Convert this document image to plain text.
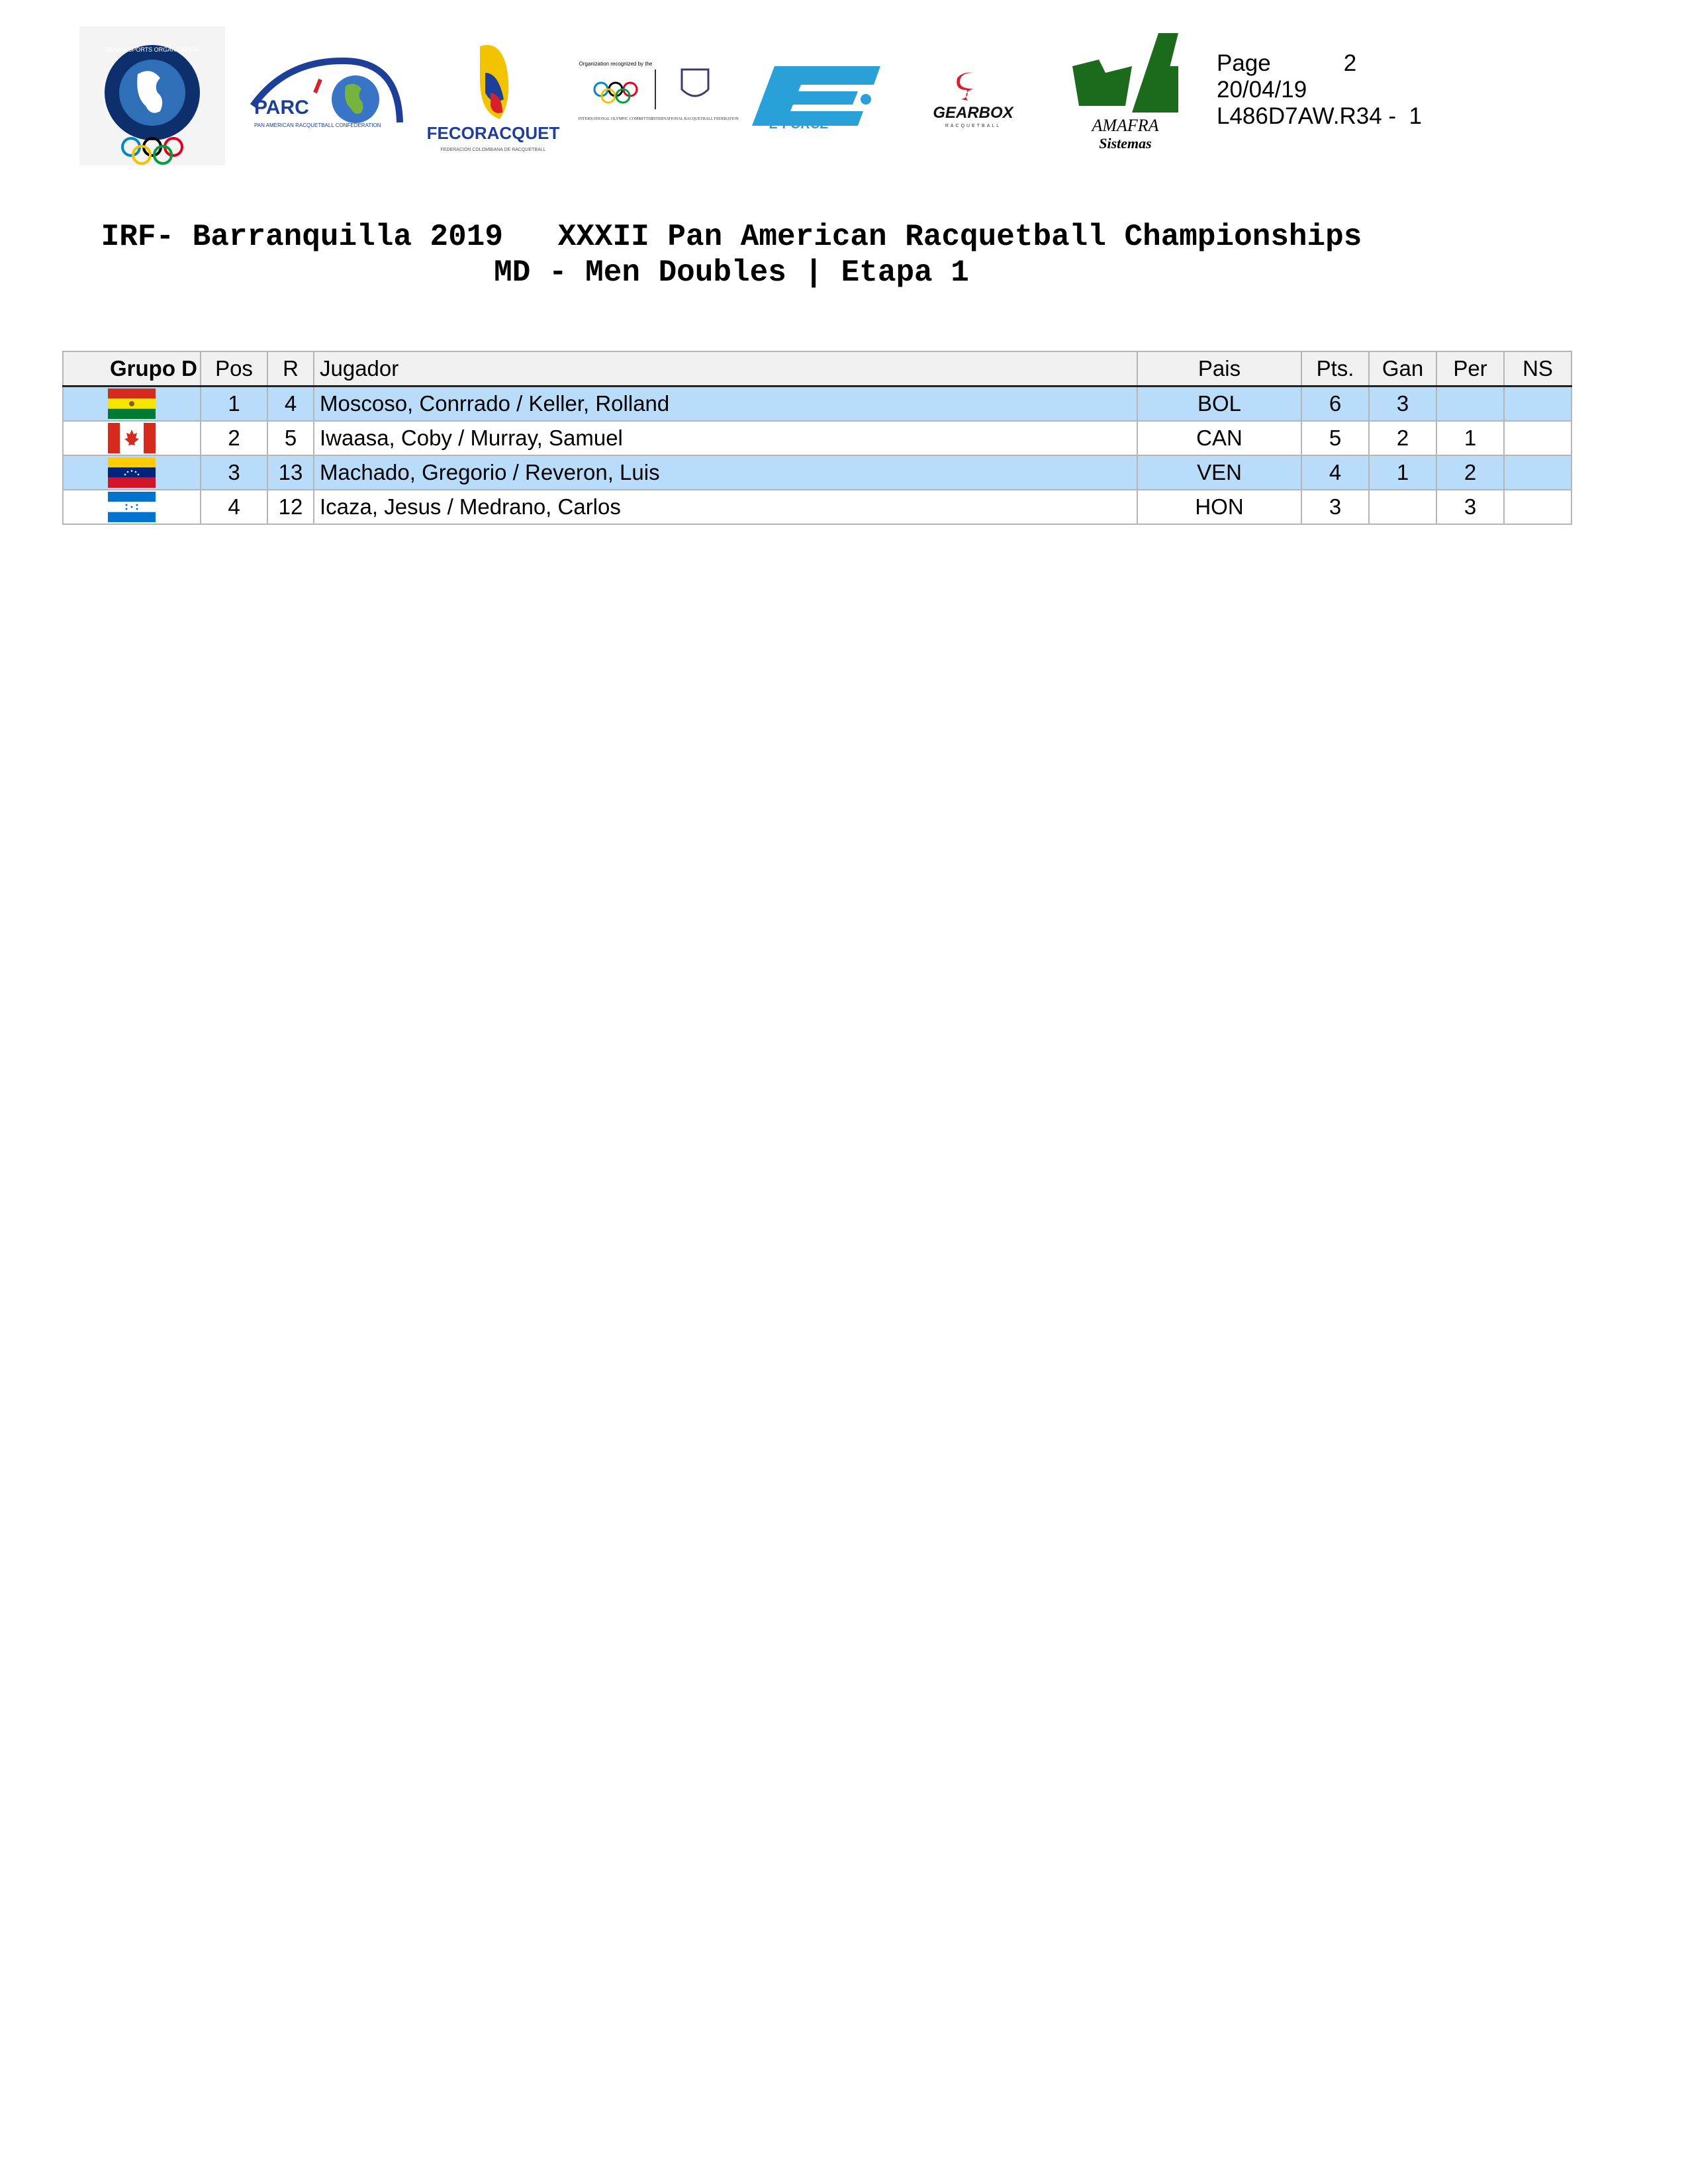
PANAM SPORTS ORGANIZATION
PARC
PAN AMERICAN RACQUETBALL CONFEDERATION	FECORACQUET
FEDERACIÓN COLOMBIANA DE RACQUETBALL
Organization recognized by the
INTERNATIONAL OLYMPIC COMMITTEE
INTERNATIONAL RACQUETBALL FEDERATION E-FORCE
GEARBOX
RACQUETBALL	AMAFRA
Sistemas
Page	2
20/04/19
L486D7AW.R34 -  1
IRF- Barranquilla 2019   XXXII Pan American Racquetball Championships
MD - Men Doubles | Etapa 1
Grupo D	Pos	R	Jugador	Pais	Pts.	Gan	Per	NS

	1	4	Moscoso, Conrrado / Keller, Rolland	BOL	6	3		

	2	5	Iwaasa, Coby / Murray, Samuel	CAN	5	2	1	

	3	13	Machado, Gregorio / Reveron, Luis	VEN	4	1	2	

	4	12	Icaza, Jesus / Medrano, Carlos	HON	3		3	
